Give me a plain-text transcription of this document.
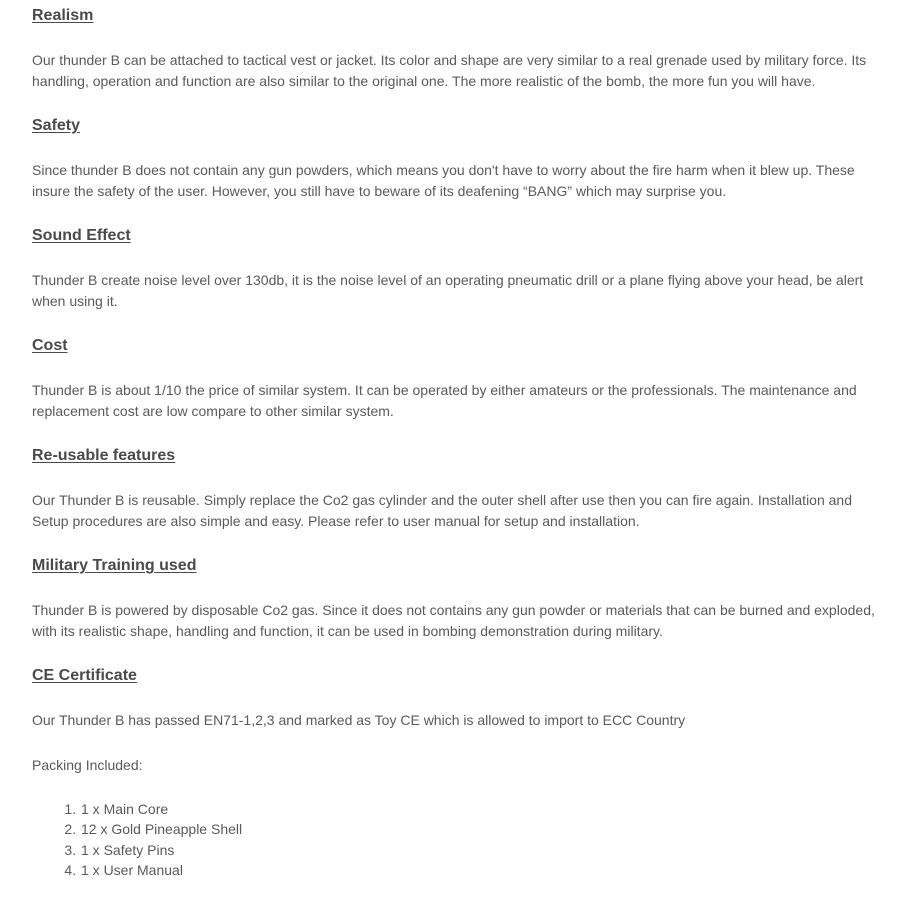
Realism

Our thunder B can be attached to tactical vest or jacket. Its color and shape are very similar to a real grenade used by military force. Its handling, operation and function are also similar to the original one. The more realistic of the bomb, the more fun you will have.

Safety

Since thunder B does not contain any gun powders, which means you don't have to worry about the fire harm when it blew up. These insure the safety of the user. However, you still have to beware of its deafening “BANG” which may surprise you.

Sound Effect

Thunder B create noise level over 130db, it is the noise level of an operating pneumatic drill or a plane flying above your head, be alert when using it.

Cost

Thunder B is about 1/10 the price of similar system. It can be operated by either amateurs or the professionals. The maintenance and replacement cost are low compare to other similar system.

Re-usable features

Our Thunder B is reusable. Simply replace the Co2 gas cylinder and the outer shell after use then you can fire again. Installation and Setup procedures are also simple and easy. Please refer to user manual for setup and installation.

Military Training used

Thunder B is powered by disposable Co2 gas. Since it does not contains any gun powder or materials that can be burned and exploded, with its realistic shape, handling and function, it can be used in bombing demonstration during military.

CE Certificate

Our Thunder B has passed EN71-1,2,3 and marked as Toy CE which is allowed to import to ECC Country

Packing Included:

1. 1 x Main Core
2. 12 x Gold Pineapple Shell
3. 1 x Safety Pins
4. 1 x User Manual
